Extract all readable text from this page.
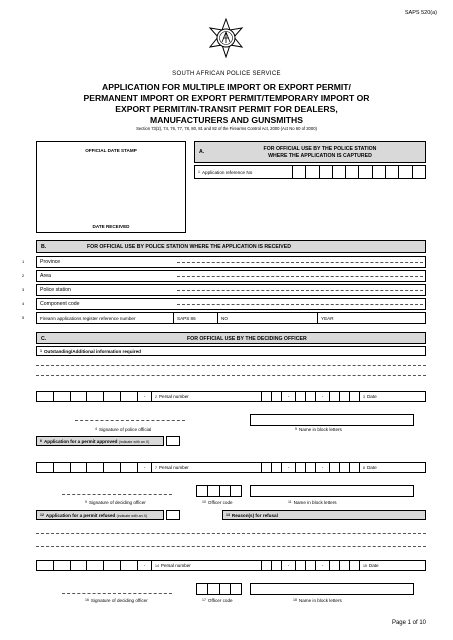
SAPS 520(a)
SOUTH AFRICAN POLICE SERVICE
APPLICATION FOR MULTIPLE IMPORT OR EXPORT PERMIT/
PERMANENT IMPORT OR EXPORT PERMIT/TEMPORARY IMPORT OR
EXPORT PERMIT/IN-TRANSIT PERMIT FOR DEALERS,
MANUFACTURERS AND GUNSMITHS
Section 73(2), 74, 76, 77, 78, 80, 81 and 82 of the Firearms Control Act, 2000 (Act No 60 of 2000)
OFFICIAL DATE STAMP
DATE RECEIVED
A.	FOR OFFICIAL USE BY THE POLICE STATION
WHERE THE APPLICATION IS CAPTURED
1 Application reference No
B.	FOR OFFICIAL USE BY POLICE STATION WHERE THE APPLICATION IS RECEIVED
1	Province
2	Area
3	Police station
4	Component code
5	Firearm applications register reference number	SAPS 86	NO	YEAR
C.	FOR OFFICIAL USE BY THE DECIDING OFFICER
$^1$ Outstanding/Additional information required
-	2 Persal number	-	-	3 Date
$^4$ Signature of police official	$^5$ Name in block letters
$^6$ Application for a permit approved (indicate with an X)
-	7 Persal number	-	-	8 Date
$^9$ Signature of deciding officer	$^{10}$ Officer code	$^{11}$ Name in block letters
$^{12}$ Application for a permit refused (indicate with an X)	$^{13}$ Reason(s) for refusal
-	14 Persal number	-	-	15 Date
$^{16}$ Signature of deciding officer	$^{17}$ Officer code	$^{18}$ Name in block letters
Page 1 of 10
